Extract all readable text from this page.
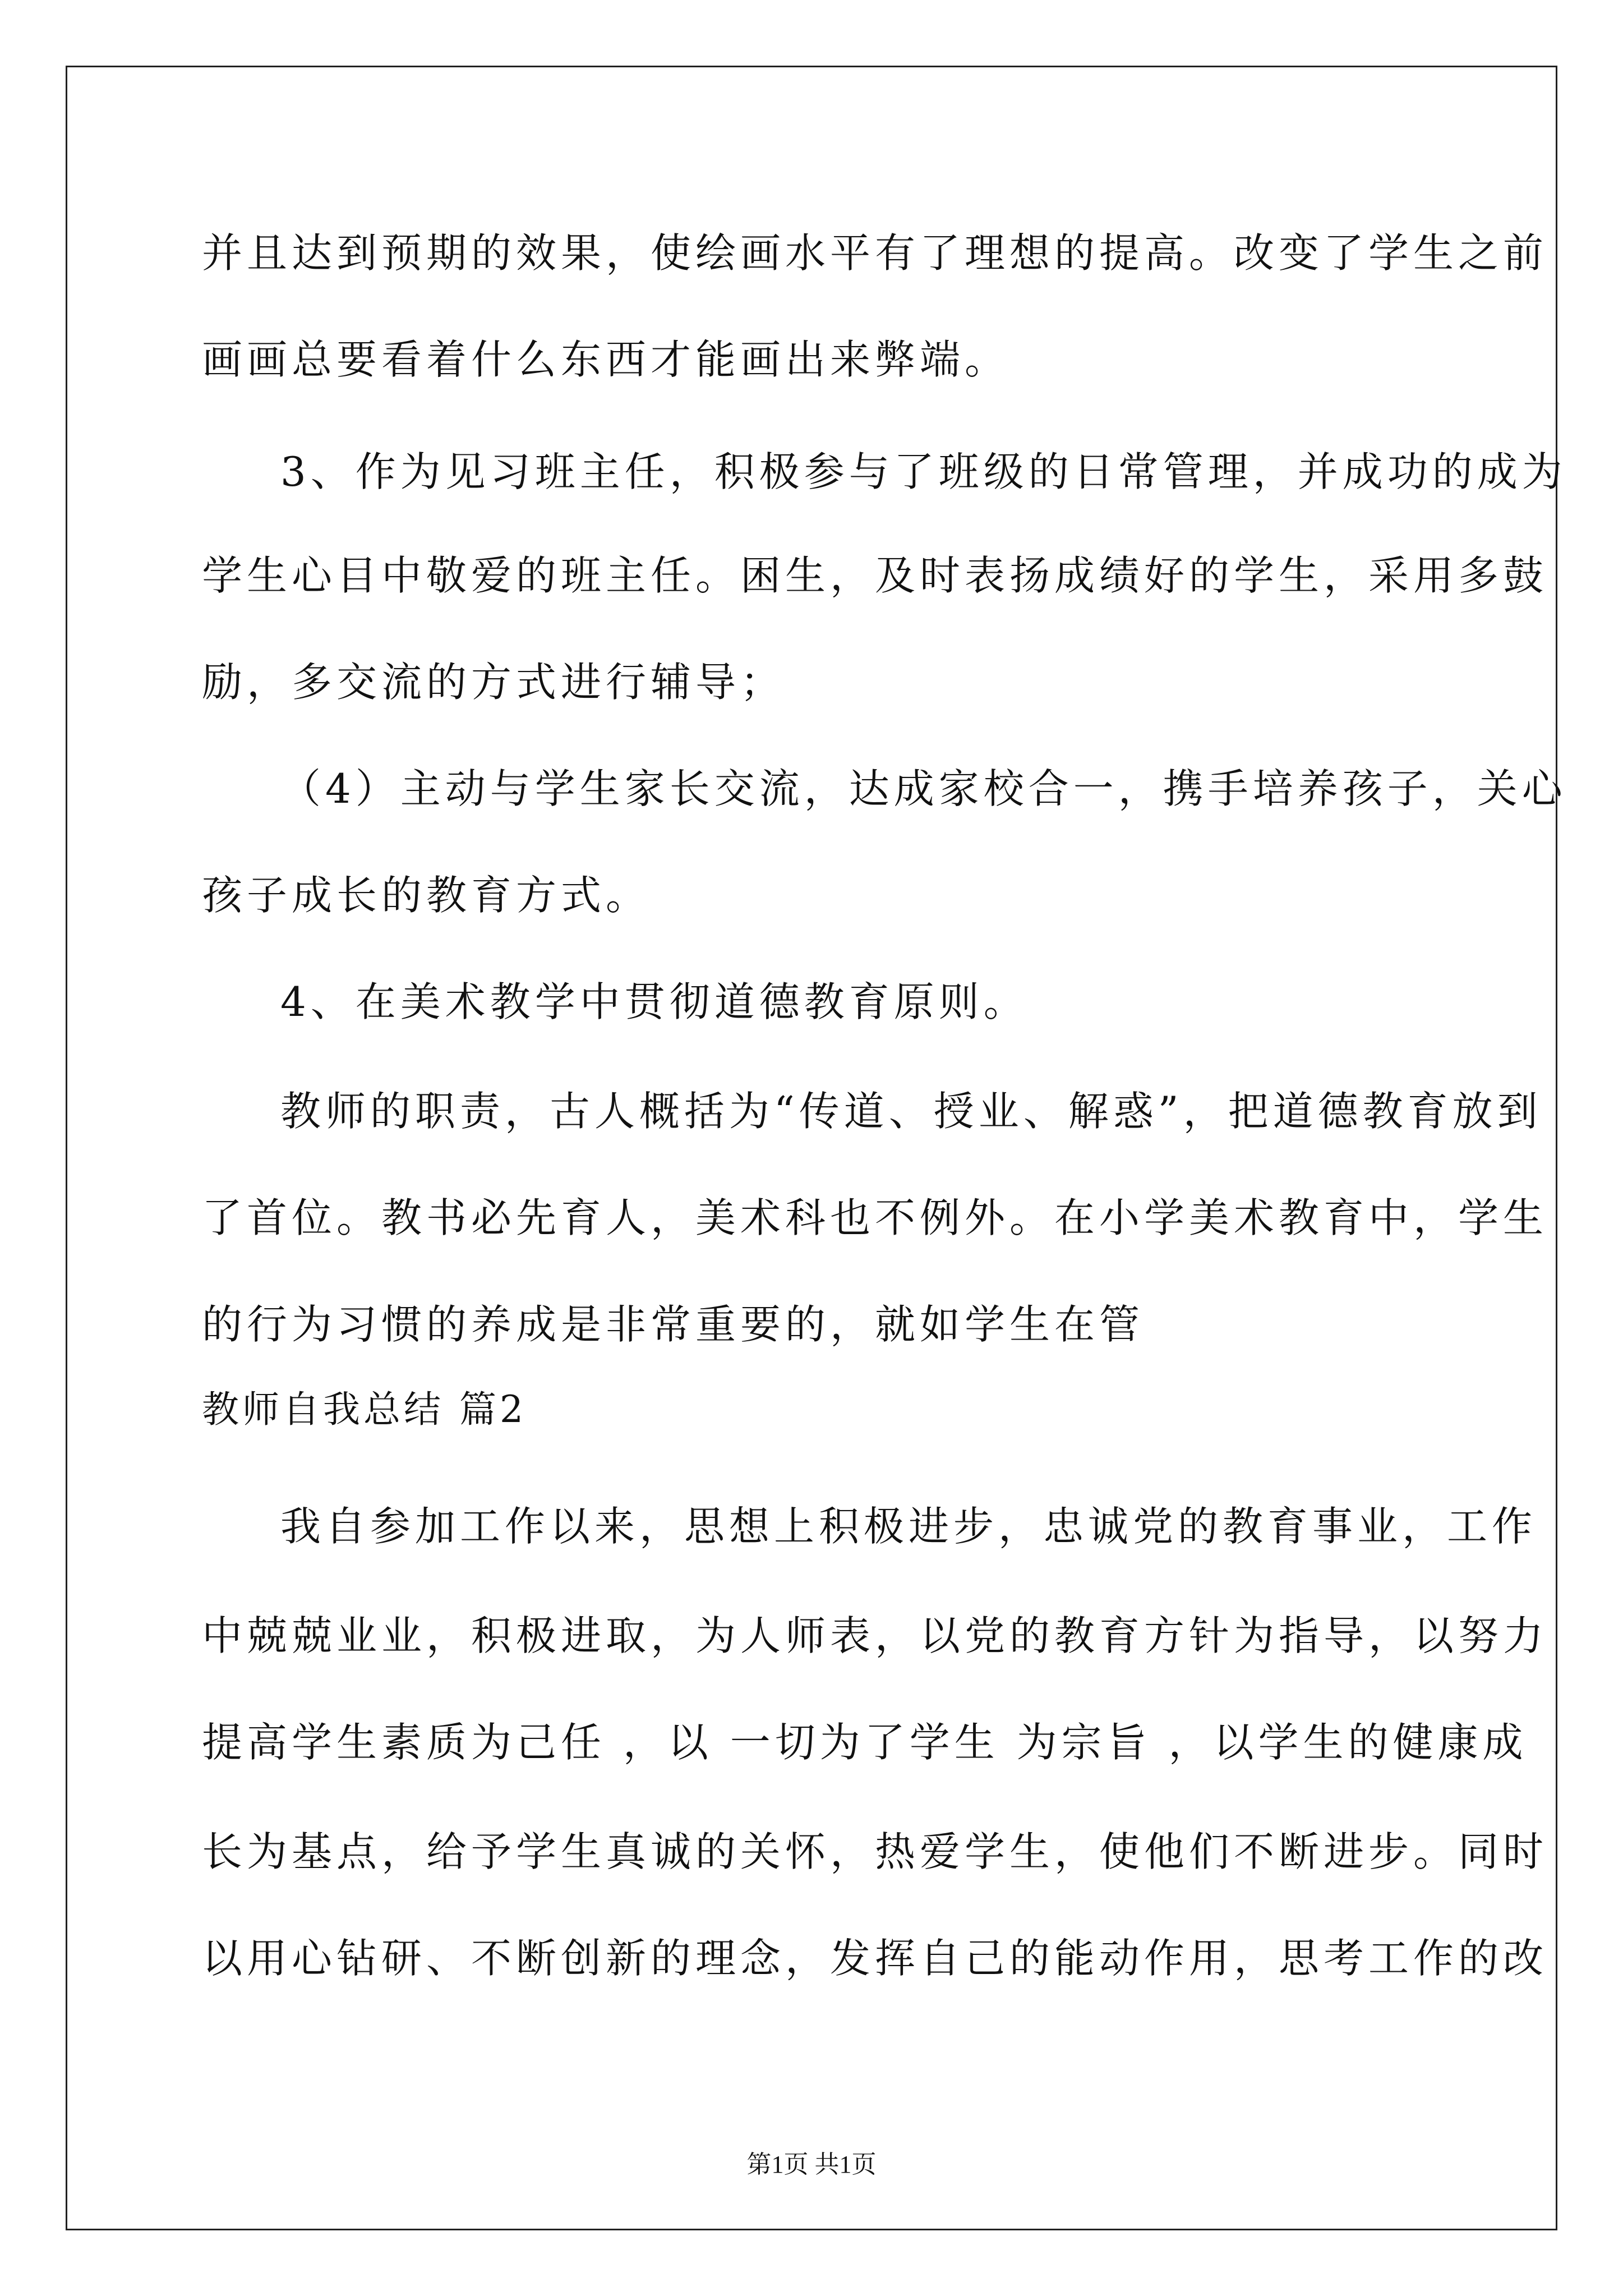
并且达到预期的效果，使绘画水平有了理想的提高。改变了学生之前
画画总要看着什么东西才能画出来弊端。
3、作为见习班主任，积极参与了班级的日常管理，并成功的成为
学生心目中敬爱的班主任。困生，及时表扬成绩好的学生，采用多鼓
励，多交流的方式进行辅导；
（4）主动与学生家长交流，达成家校合一，携手培养孩子，关心
孩子成长的教育方式。
4、在美术教学中贯彻道德教育原则。
教师的职责，古人概括为“传道、授业、解惑”，把道德教育放到
了首位。教书必先育人，美术科也不例外。在小学美术教育中，学生
的行为习惯的养成是非常重要的，就如学生在管
教师自我总结 篇2
我自参加工作以来，思想上积极进步，忠诚党的教育事业，工作
中兢兢业业，积极进取，为人师表，以党的教育方针为指导，以努力
提高学生素质为己任 ，以 一切为了学生 为宗旨 ，以学生的健康成
长为基点，给予学生真诚的关怀，热爱学生，使他们不断进步。同时
以用心钻研、不断创新的理念，发挥自己的能动作用，思考工作的改
第1页 共1页
